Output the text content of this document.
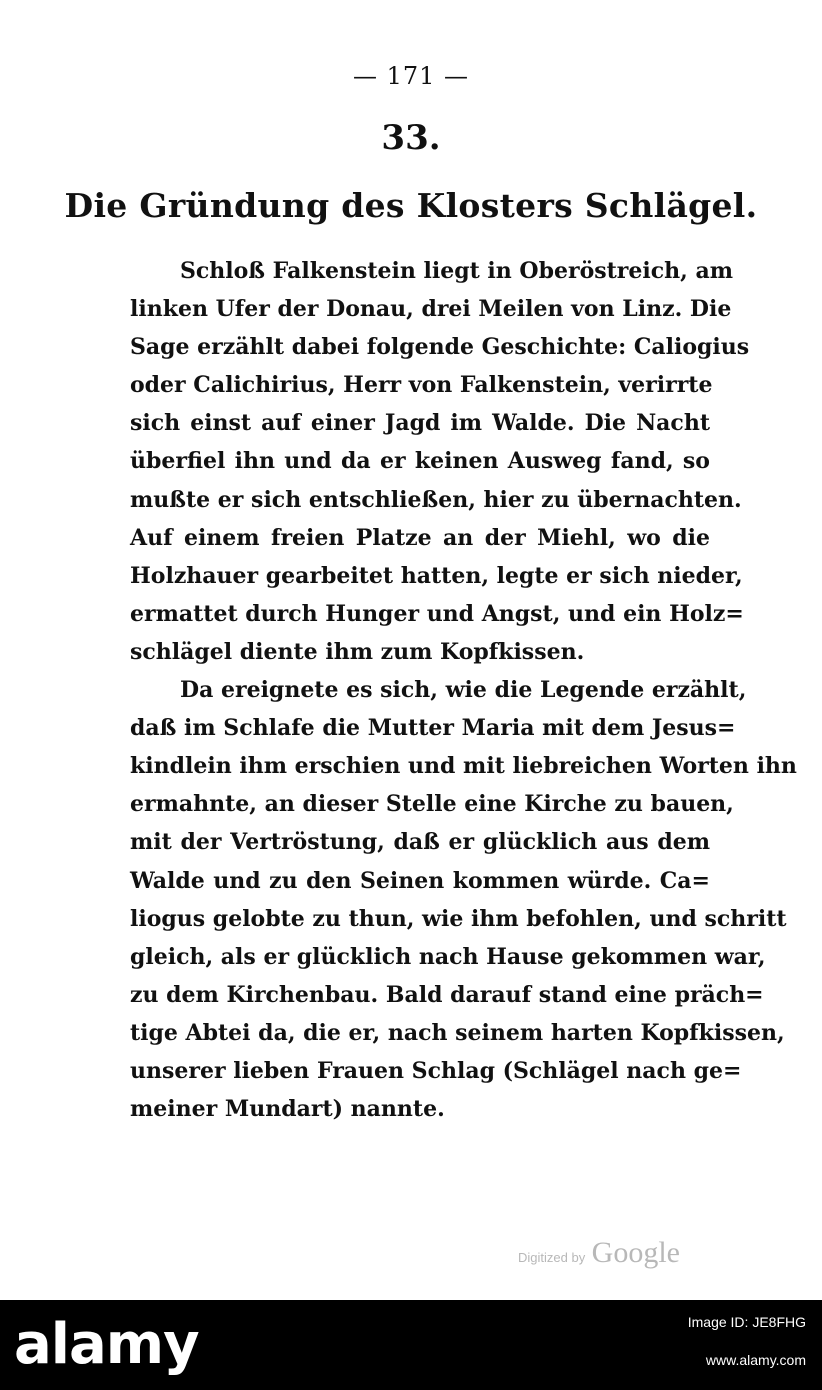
— 171 —
33.
Die Gründung des Klosters Schlägel.
Schloß Falkenstein liegt in Oberöstreich, am
linken Ufer der Donau, drei Meilen von Linz. Die
Sage erzählt dabei folgende Geschichte: Caliogius
oder Calichirius, Herr von Falkenstein, verirrte
sich einst auf einer Jagd im Walde. Die Nacht
überfiel ihn und da er keinen Ausweg fand, so
mußte er sich entschließen, hier zu übernachten.
Auf einem freien Platze an der Miehl, wo die
Holzhauer gearbeitet hatten, legte er sich nieder,
ermattet durch Hunger und Angst, und ein Holz=
schlägel diente ihm zum Kopfkissen.
Da ereignete es sich, wie die Legende erzählt,
daß im Schlafe die Mutter Maria mit dem Jesus=
kindlein ihm erschien und mit liebreichen Worten ihn
ermahnte, an dieser Stelle eine Kirche zu bauen,
mit der Vertröstung, daß er glücklich aus dem
Walde und zu den Seinen kommen würde. Ca=
liogus gelobte zu thun, wie ihm befohlen, und schritt
gleich, als er glücklich nach Hause gekommen war,
zu dem Kirchenbau. Bald darauf stand eine präch=
tige Abtei da, die er, nach seinem harten Kopfkissen,
unserer lieben Frauen Schlag (Schlägel nach ge=
meiner Mundart) nannte.
Digitized by Google
alamy	Image ID: JE8FHG
www.alamy.com
